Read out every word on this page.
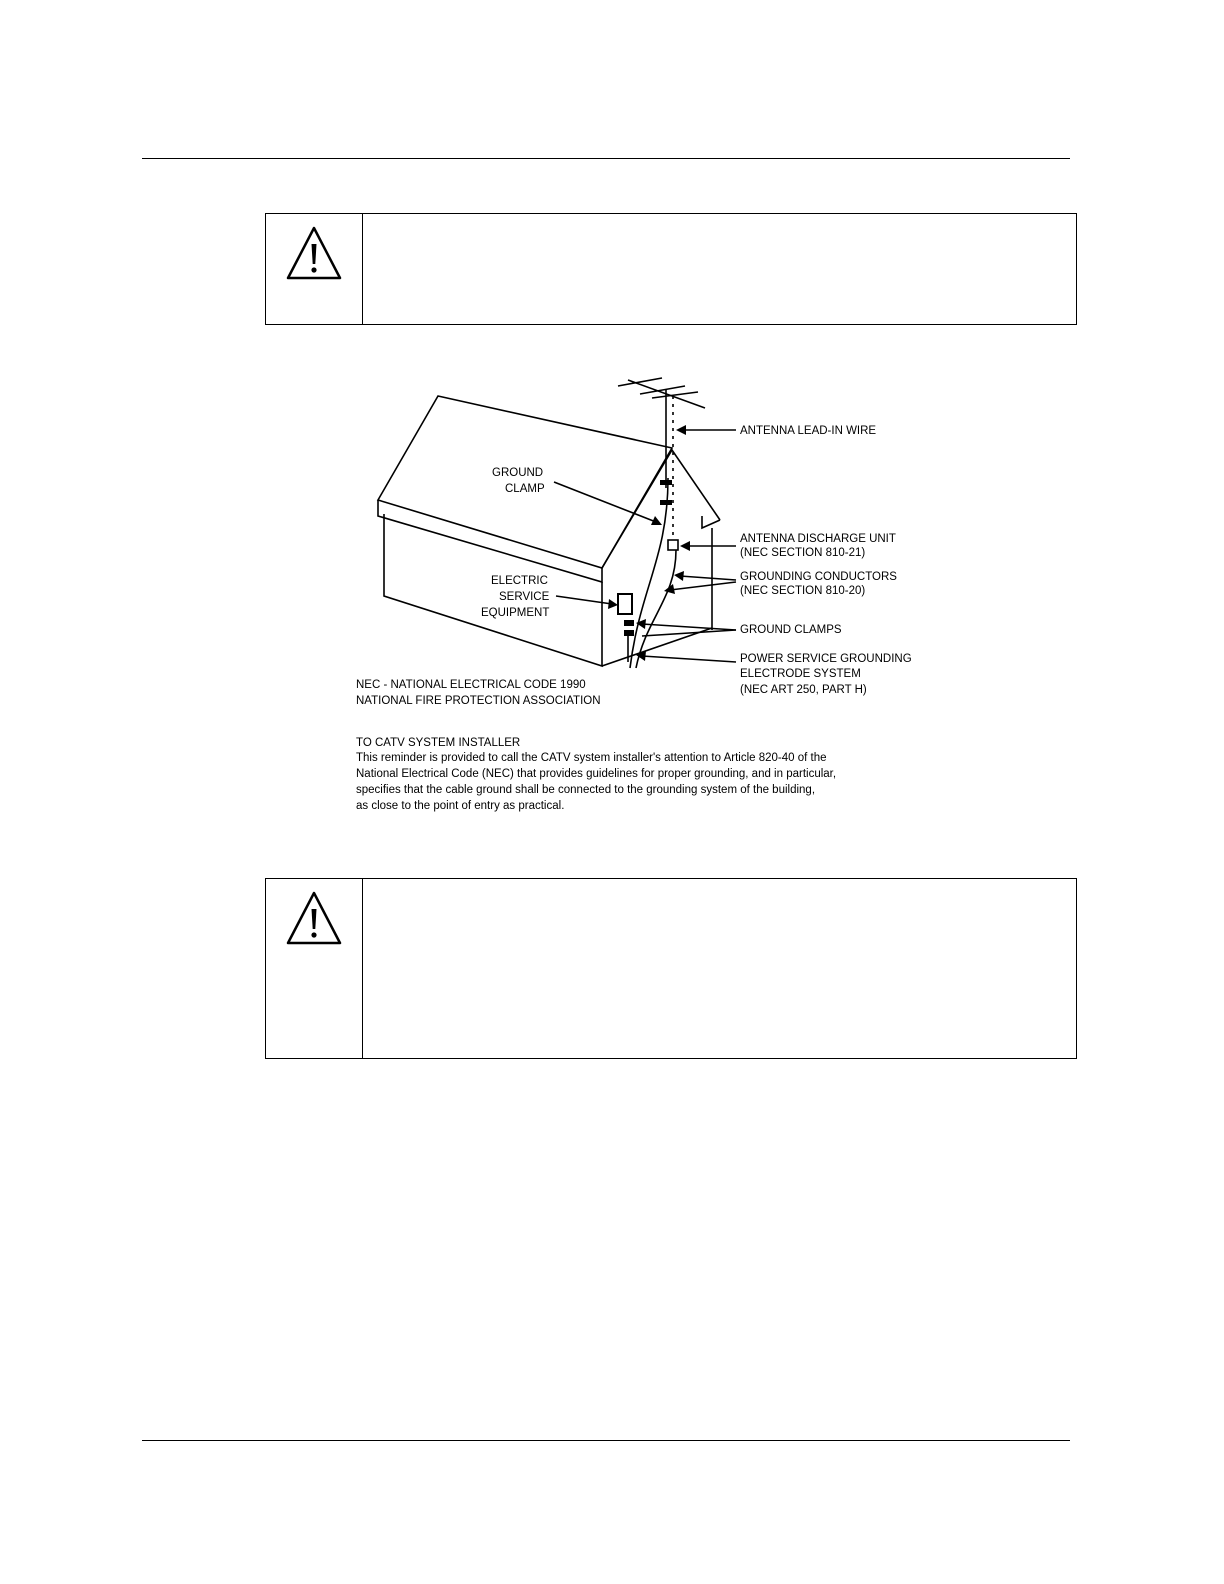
ANTENNA LEAD-IN WIRE
GROUND
CLAMP
ANTENNA DISCHARGE UNIT
(NEC SECTION 810-21)
ELECTRIC
SERVICE
EQUIPMENT
GROUNDING CONDUCTORS
(NEC SECTION 810-20)
GROUND CLAMPS
POWER SERVICE GROUNDING
ELECTRODE SYSTEM
(NEC ART 250, PART H)
NEC - NATIONAL ELECTRICAL CODE 1990
NATIONAL FIRE PROTECTION ASSOCIATION
TO CATV SYSTEM INSTALLER
This reminder is provided to call the CATV system installer's attention to Article 820-40 of the
National Electrical Code (NEC) that provides guidelines for proper grounding, and in particular,
specifies that the cable ground shall be connected to the grounding system of the building,
as close to the point of entry as practical.
